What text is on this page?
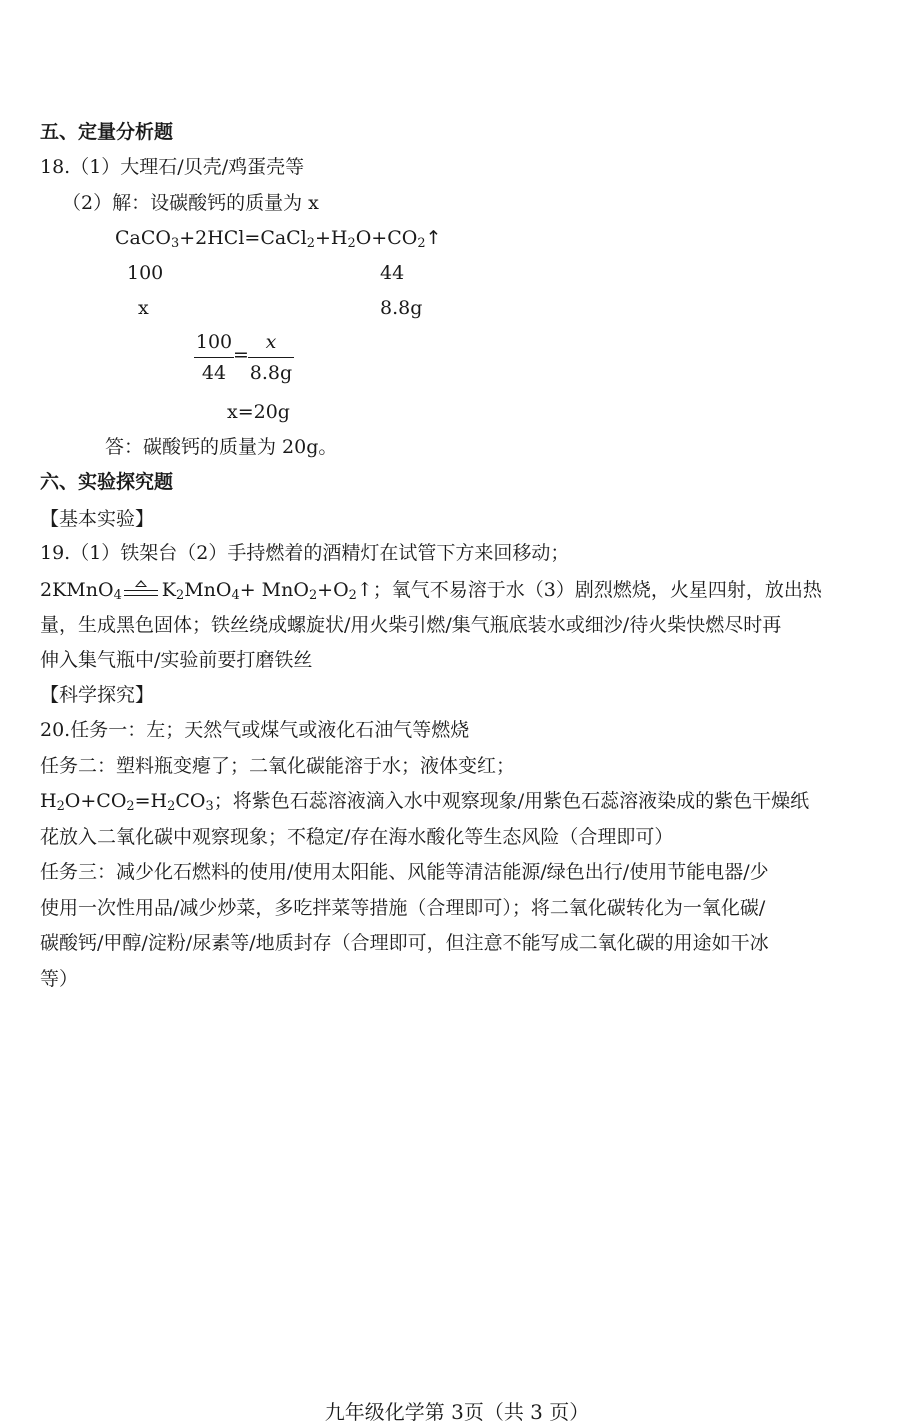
五、定量分析题
18.（1）大理石/贝壳/鸡蛋壳等
（2）解：设碳酸钙的质量为 x
$CaCO_3+2HCl=CaCl_2+H_2O+CO_2↑$
100	44
x	8.8g
100
44
=
x
8.8g
x=20g
答：碳酸钙的质量为 20g。
六、实验探究题
【基本实验】
19.（1）铁架台（2）手持燃着的酒精灯在试管下方来回移动；
2KMnO$_4$ $K_2MnO_4+$ $MnO_2+O_2↑$；氧气不易溶于水（3）剧烈燃烧，火星四射，放出热
量，生成黑色固体；铁丝绕成螺旋状/用火柴引燃/集气瓶底装水或细沙/待火柴快燃尽时再
伸入集气瓶中/实验前要打磨铁丝
【科学探究】
20.任务一：左；天然气或煤气或液化石油气等燃烧
任务二：塑料瓶变瘪了；二氧化碳能溶于水；液体变红；
$H_2O+CO_2=H_2CO_3$；将紫色石蕊溶液滴入水中观察现象/用紫色石蕊溶液染成的紫色干燥纸
花放入二氧化碳中观察现象；不稳定/存在海水酸化等生态风险（合理即可）
任务三：减少化石燃料的使用/使用太阳能、风能等清洁能源/绿色出行/使用节能电器/少
使用一次性用品/减少炒菜，多吃拌菜等措施（合理即可）；将二氧化碳转化为一氧化碳/
碳酸钙/甲醇/淀粉/尿素等/地质封存（合理即可，但注意不能写成二氧化碳的用途如干冰
等）
九年级化学第 3页（共 3 页）
